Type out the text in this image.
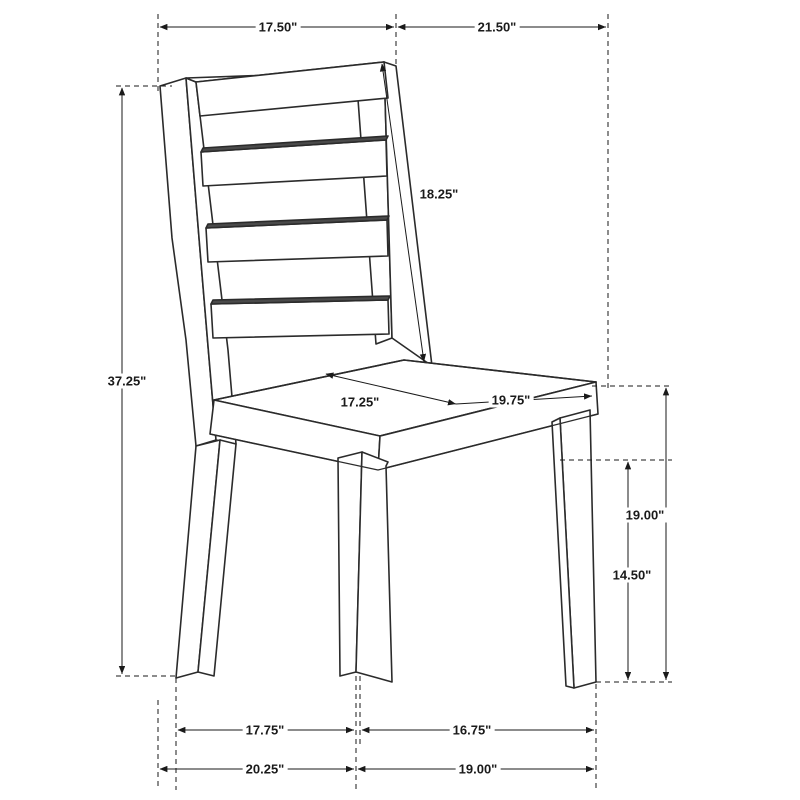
17.50"	21.50"
18.25"
37.25"
17.25"	19.75"
19.00"
14.50"
17.75"	16.75"
20.25"	19.00"
